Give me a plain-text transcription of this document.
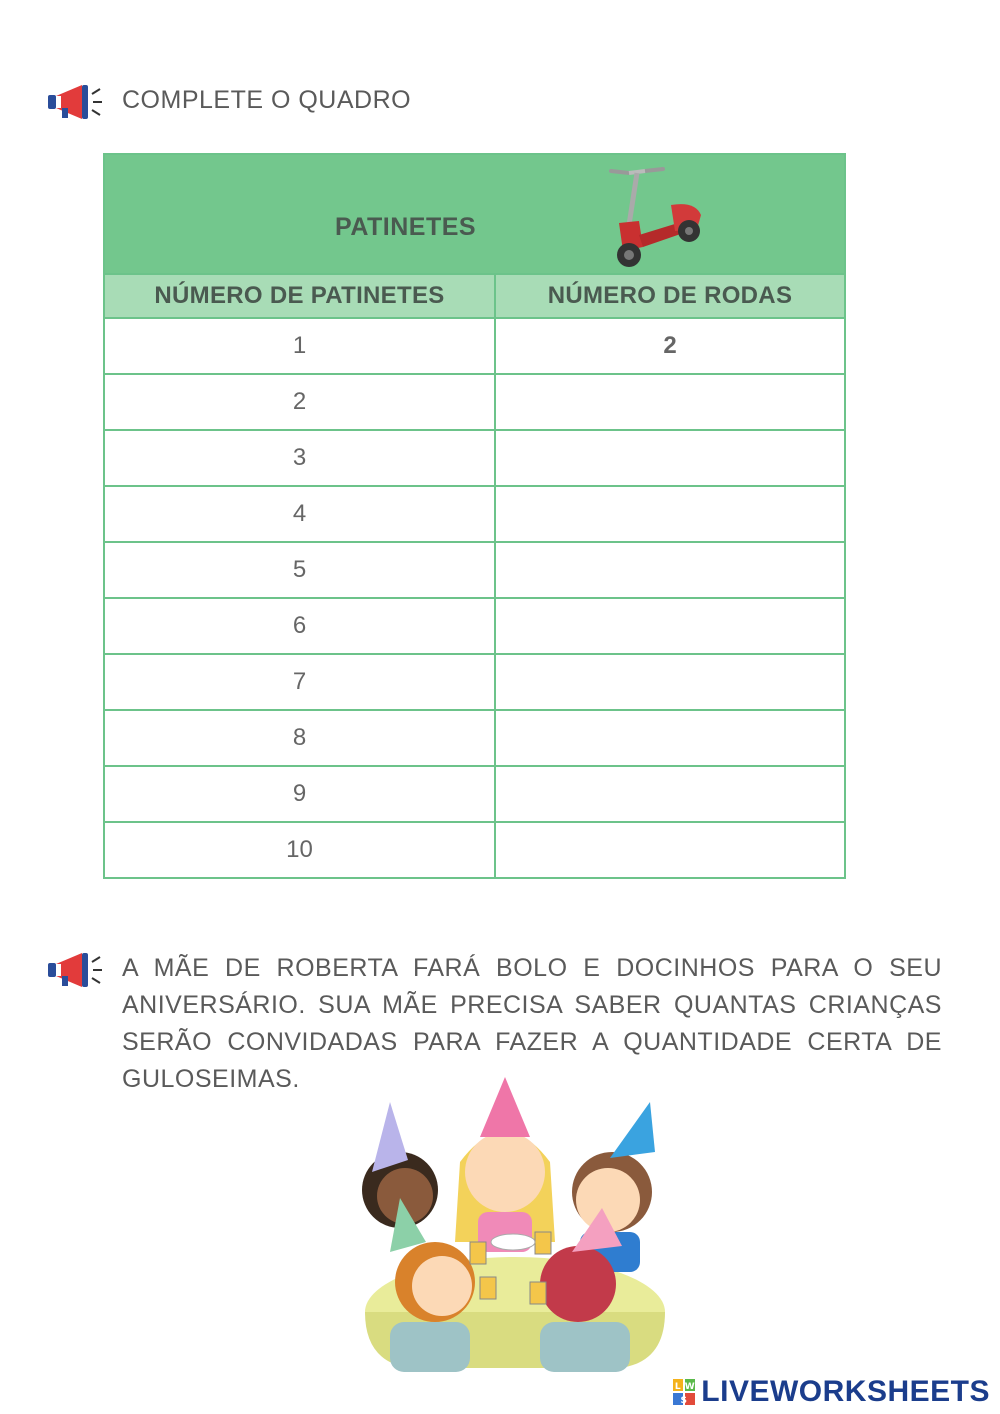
COMPLETE O QUADRO
PATINETES	

NÚMERO DE PATINETES	NÚMERO DE RODAS
1	2
2	
3	
4	
5	
6	
7	
8	
9	
10	
A MÃE DE ROBERTA FARÁ BOLO E DOCINHOS PARA O SEU ANIVERSÁRIO. SUA MÃE PRECISA SABER QUANTAS CRIANÇAS SERÃO CONVIDADAS PARA FAZER A QUANTIDADE CERTA DE GULOSEIMAS.
L W
S LIVEWORKSHEETS
